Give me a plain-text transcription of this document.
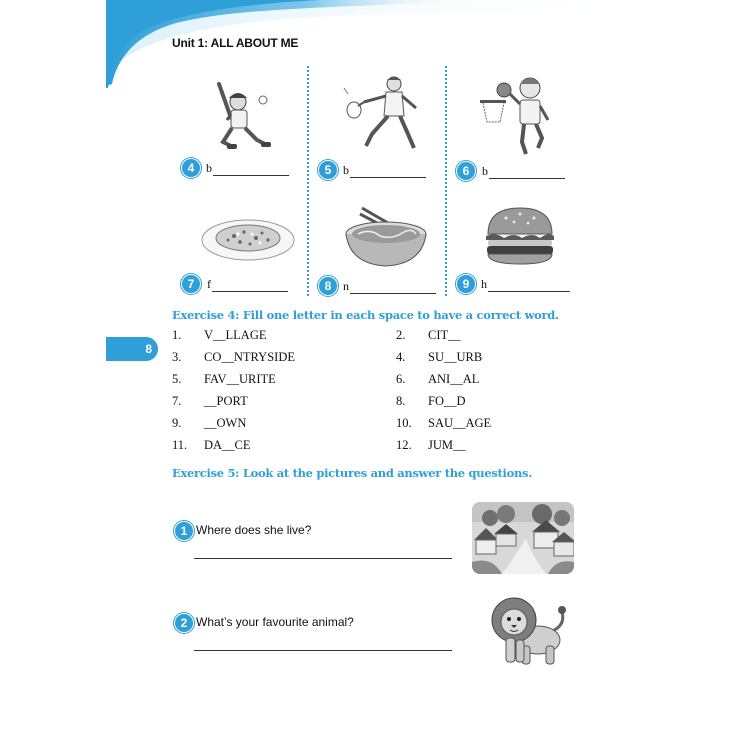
Unit 1: ALL ABOUT ME
4	5	6
7	8	9
b	b	b
f	n	h
8
Exercise 4: Fill one letter in each space to have a correct word.
1. V__LLAGE	2. CIT__
3. CO__NTRYSIDE	4. SU__URB
5. FAV__URITE	6. ANI__AL
7. __PORT	8. FO__D
9. __OWN	10. SAU__AGE
11. DA__CE	12. JUM__
Exercise 5: Look at the pictures and answer the questions.
1 Where does she live?
2 What’s your favourite animal?
